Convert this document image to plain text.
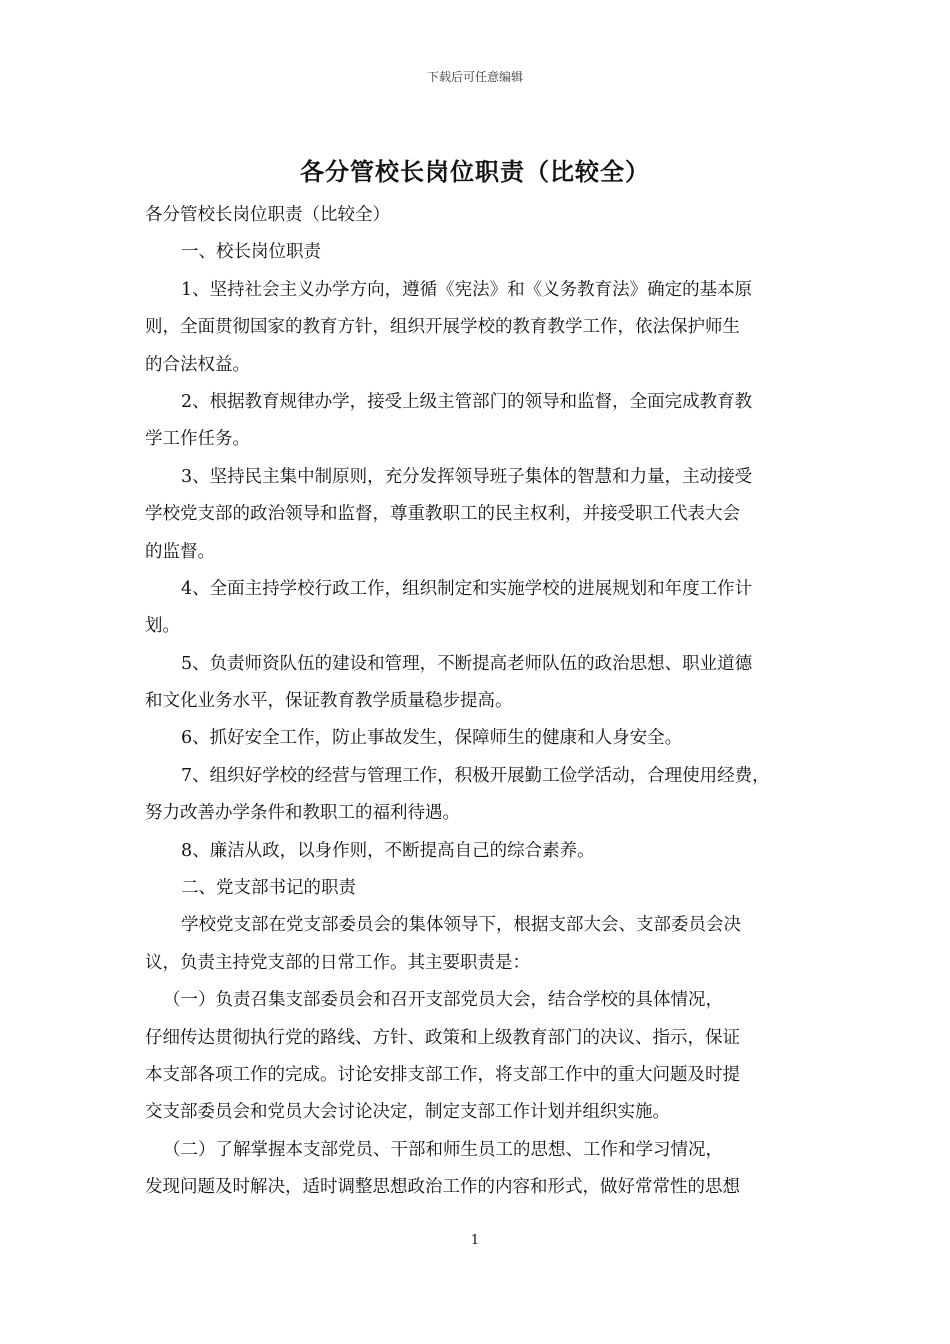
下载后可任意编辑
各分管校长岗位职责（比较全）
各分管校长岗位职责（比较全）
一、校长岗位职责
1、坚持社会主义办学方向，遵循《宪法》和《义务教育法》确定的基本原
则，全面贯彻国家的教育方针，组织开展学校的教育教学工作，依法保护师生
的合法权益。
2、根据教育规律办学，接受上级主管部门的领导和监督，全面完成教育教
学工作任务。
3、坚持民主集中制原则，充分发挥领导班子集体的智慧和力量，主动接受
学校党支部的政治领导和监督，尊重教职工的民主权利，并接受职工代表大会
的监督。
4、全面主持学校行政工作，组织制定和实施学校的进展规划和年度工作计
划。
5、负责师资队伍的建设和管理，不断提高老师队伍的政治思想、职业道德
和文化业务水平，保证教育教学质量稳步提高。
6、抓好安全工作，防止事故发生，保障师生的健康和人身安全。
7、组织好学校的经营与管理工作，积极开展勤工俭学活动，合理使用经费，
努力改善办学条件和教职工的福利待遇。
8、廉洁从政，以身作则，不断提高自己的综合素养。
二、党支部书记的职责
学校党支部在党支部委员会的集体领导下，根据支部大会、支部委员会决
议，负责主持党支部的日常工作。其主要职责是：
（一）负责召集支部委员会和召开支部党员大会，结合学校的具体情况，
仔细传达贯彻执行党的路线、方针、政策和上级教育部门的决议、指示，保证
本支部各项工作的完成。讨论安排支部工作，将支部工作中的重大问题及时提
交支部委员会和党员大会讨论决定，制定支部工作计划并组织实施。
（二）了解掌握本支部党员、干部和师生员工的思想、工作和学习情况，
发现问题及时解决，适时调整思想政治工作的内容和形式，做好常常性的思想
1
